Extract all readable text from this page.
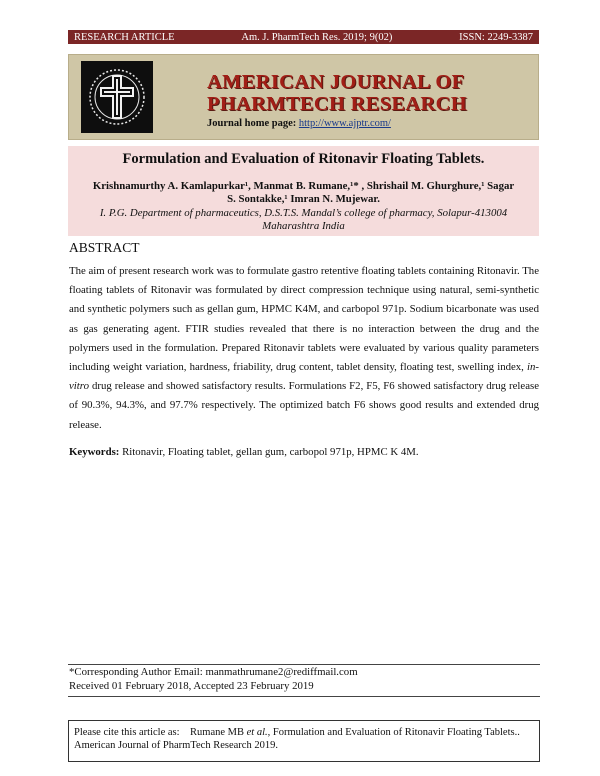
RESEARCH ARTICLE	Am. J. PharmTech Res. 2019; 9(02)	ISSN: 2249-3387
AMERICAN JOURNAL OF
PHARMTECH RESEARCH
Journal home page: http://www.ajptr.com/
Formulation and Evaluation of Ritonavir Floating Tablets.
Krishnamurthy A. Kamlapurkar¹, Manmat B. Rumane,¹* , Shrishail M. Ghurghure,¹ Sagar
S. Sontakke,¹ Imran N. Mujewar.
I. P.G. Department of pharmaceutics, D.S.T.S. Mandal’s college of pharmacy, Solapur-413004
Maharashtra India
ABSTRACT
The aim of present research work was to formulate gastro retentive floating tablets containing Ritonavir. The floating tablets of Ritonavir was formulated by direct compression technique using natural, semi-synthetic and synthetic polymers such as gellan gum, HPMC K4M, and carbopol 971p. Sodium bicarbonate was used as gas generating agent. FTIR studies revealed that there is no interaction between the drug and the polymers used in the formulation. Prepared Ritonavir tablets were evaluated by various quality parameters including weight variation, hardness, friability, drug content, tablet density, floating test, swelling index, in-vitro drug release and showed satisfactory results. Formulations F2, F5, F6 showed satisfactory drug release of 90.3%, 94.3%, and 97.7% respectively. The optimized batch F6 shows good results and extended drug release.
Keywords: Ritonavir, Floating tablet, gellan gum, carbopol 971p, HPMC K 4M.
*Corresponding Author Email: manmathrumane2@rediffmail.com
Received 01 February 2018, Accepted 23 February 2019
Please cite this article as: Rumane MB et al., Formulation and Evaluation of Ritonavir Floating Tablets.. American Journal of PharmTech Research 2019.
